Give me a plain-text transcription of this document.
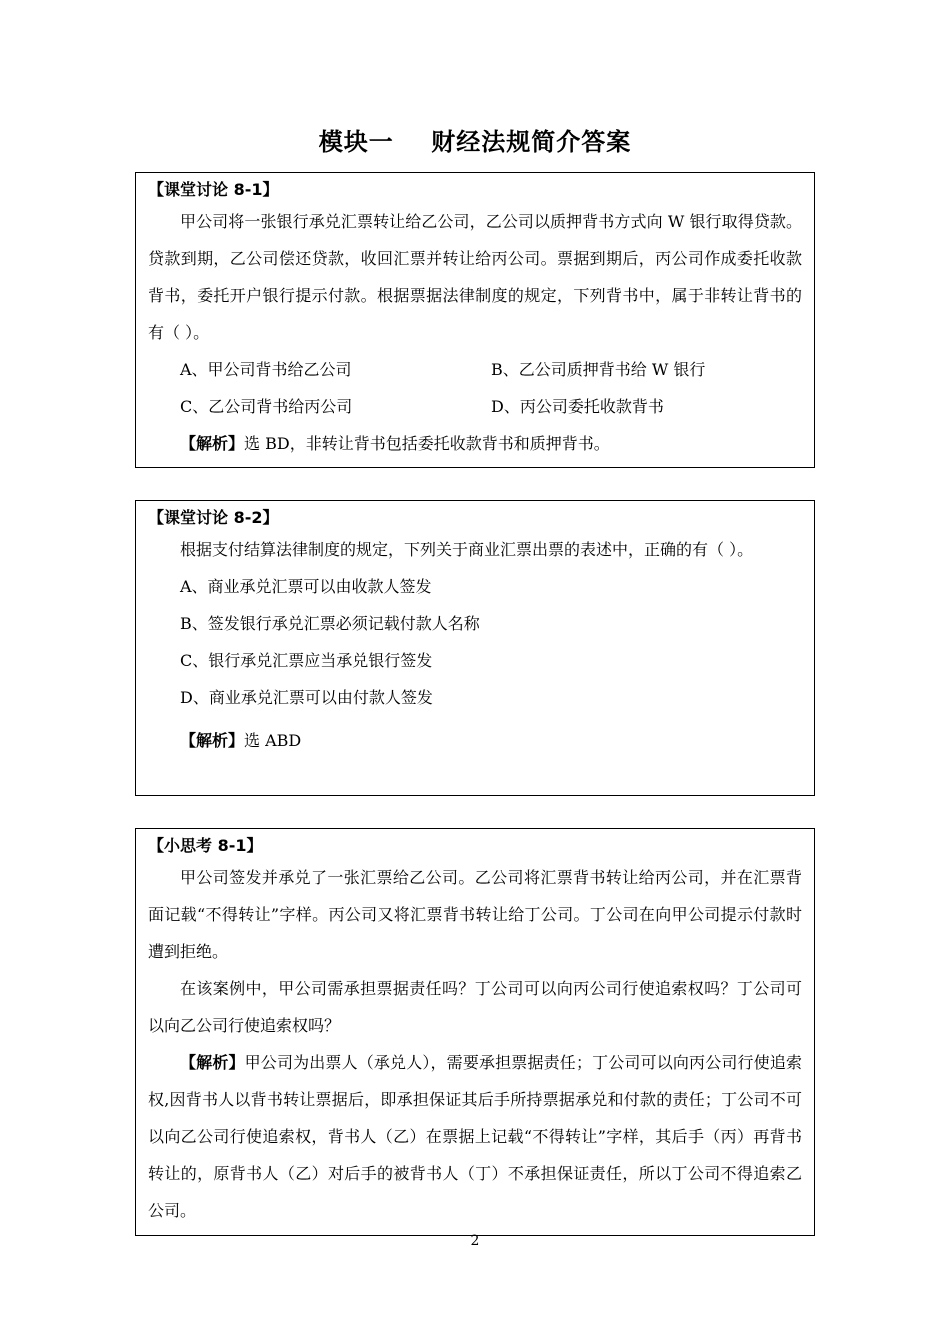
模块一    财经法规简介答案
【课堂讨论 8-1】

甲公司将一张银行承兑汇票转让给乙公司，乙公司以质押背书方式向 W 银行取得贷款。贷款到期，乙公司偿还贷款，收回汇票并转让给丙公司。票据到期后，丙公司作成委托收款背书，委托开户银行提示付款。根据票据法律制度的规定，下列背书中，属于非转让背书的有（ ）。

A、甲公司背书给乙公司	B、乙公司质押背书给 W 银行
C、乙公司背书给丙公司	D、丙公司委托收款背书
【解析】选 BD，非转让背书包括委托收款背书和质押背书。
【课堂讨论 8-2】

根据支付结算法律制度的规定，下列关于商业汇票出票的表述中，正确的有（ ）。

A、商业承兑汇票可以由收款人签发
B、签发银行承兑汇票必须记载付款人名称
C、银行承兑汇票应当承兑银行签发
D、商业承兑汇票可以由付款人签发
【解析】选 ABD
【小思考 8-1】

甲公司签发并承兑了一张汇票给乙公司。乙公司将汇票背书转让给丙公司，并在汇票背面记载“不得转让”字样。丙公司又将汇票背书转让给丁公司。丁公司在向甲公司提示付款时遭到拒绝。

在该案例中，甲公司需承担票据责任吗？丁公司可以向丙公司行使追索权吗？丁公司可以向乙公司行使追索权吗？

【解析】甲公司为出票人（承兑人），需要承担票据责任；丁公司可以向丙公司行使追索权,因背书人以背书转让票据后，即承担保证其后手所持票据承兑和付款的责任；丁公司不可以向乙公司行使追索权，背书人（乙）在票据上记载“不得转让”字样，其后手（丙）再背书转让的，原背书人（乙）对后手的被背书人（丁）不承担保证责任，所以丁公司不得追索乙公司。

2
